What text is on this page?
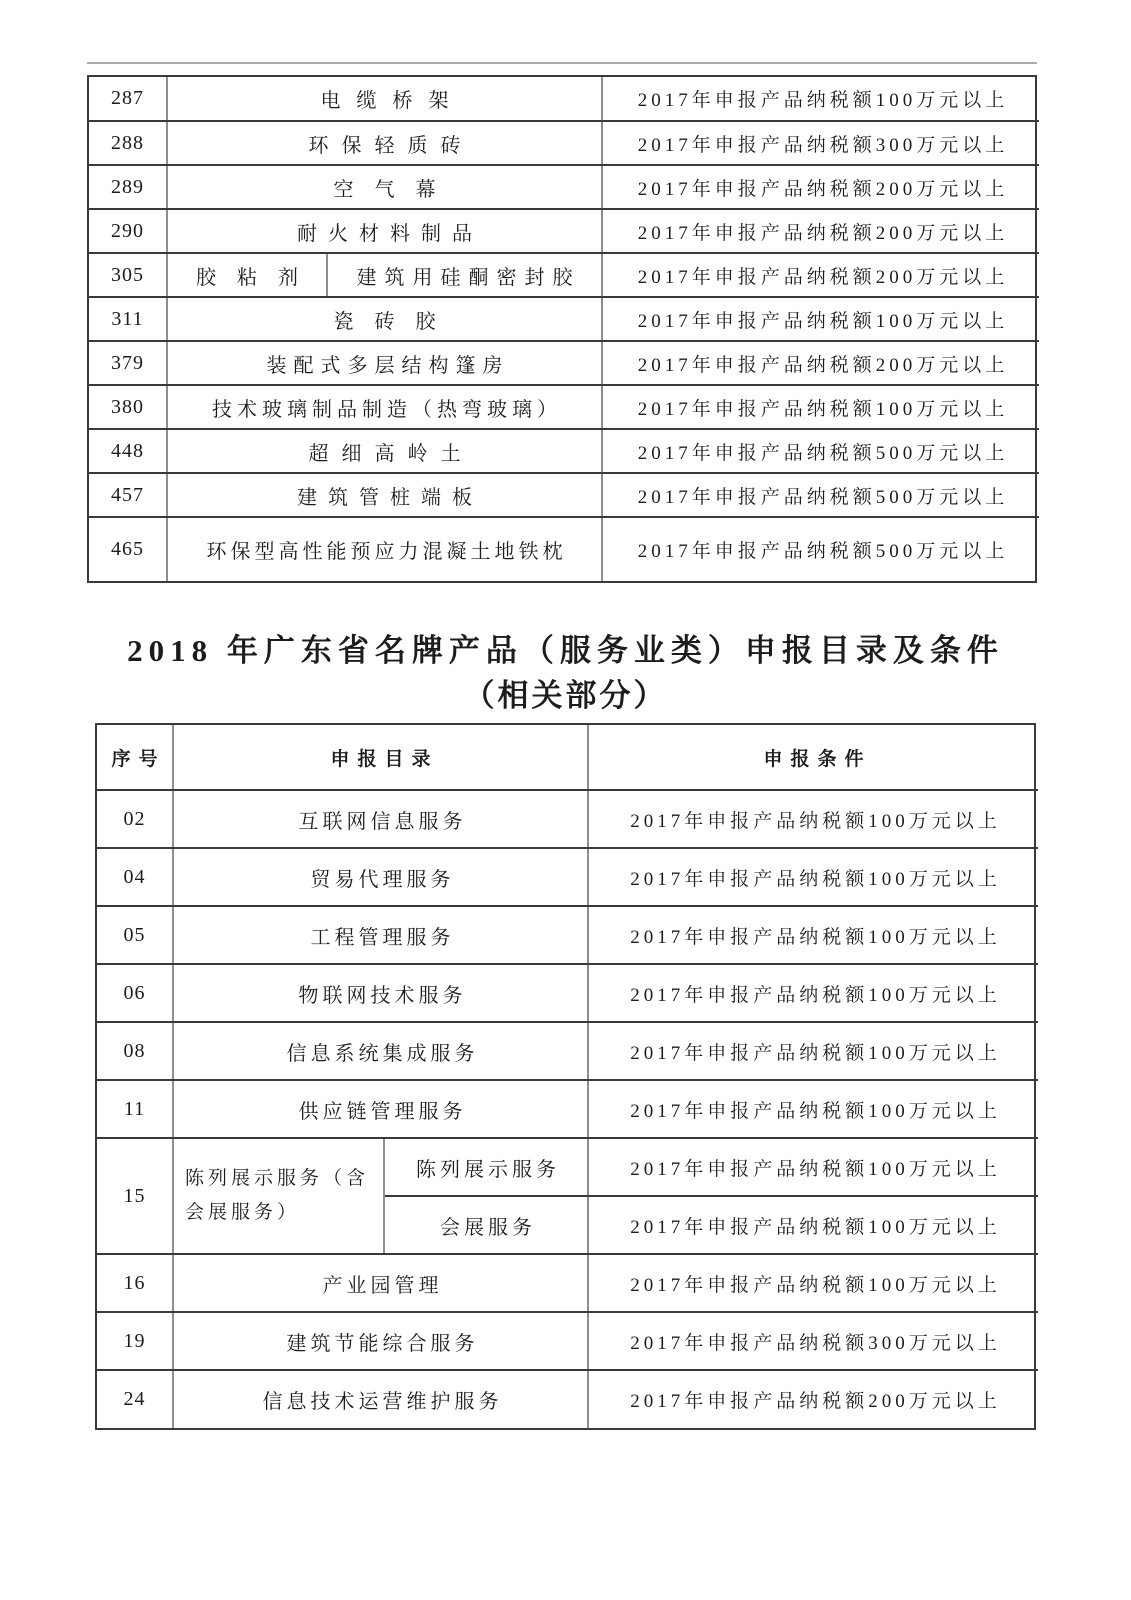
287	电缆桥架		2017年申报产品纳税额100万元以上
288	环保轻质砖		2017年申报产品纳税额300万元以上
289	空气幕		2017年申报产品纳税额200万元以上
290	耐火材料制品		2017年申报产品纳税额200万元以上
305	胶粘剂	建筑用硅酮密封胶	2017年申报产品纳税额200万元以上
311	瓷砖胶		2017年申报产品纳税额100万元以上
379	装配式多层结构篷房		2017年申报产品纳税额200万元以上
380	技术玻璃制品制造（热弯玻璃）		2017年申报产品纳税额100万元以上
448	超细高岭土		2017年申报产品纳税额500万元以上
457	建筑管桩端板		2017年申报产品纳税额500万元以上
465	环保型高性能预应力混凝土地铁枕		2017年申报产品纳税额500万元以上
2018 年广东省名牌产品（服务业类）申报目录及条件
（相关部分）
序号	申报目录		申报条件
02	互联网信息服务		2017年申报产品纳税额100万元以上
04	贸易代理服务		2017年申报产品纳税额100万元以上
05	工程管理服务		2017年申报产品纳税额100万元以上
06	物联网技术服务		2017年申报产品纳税额100万元以上
08	信息系统集成服务		2017年申报产品纳税额100万元以上
11	供应链管理服务		2017年申报产品纳税额100万元以上
15	陈列展示服务（含会展服务）	陈列展示服务	2017年申报产品纳税额100万元以上
		会展服务	2017年申报产品纳税额100万元以上
16	产业园管理		2017年申报产品纳税额100万元以上
19	建筑节能综合服务		2017年申报产品纳税额300万元以上
24	信息技术运营维护服务		2017年申报产品纳税额200万元以上
